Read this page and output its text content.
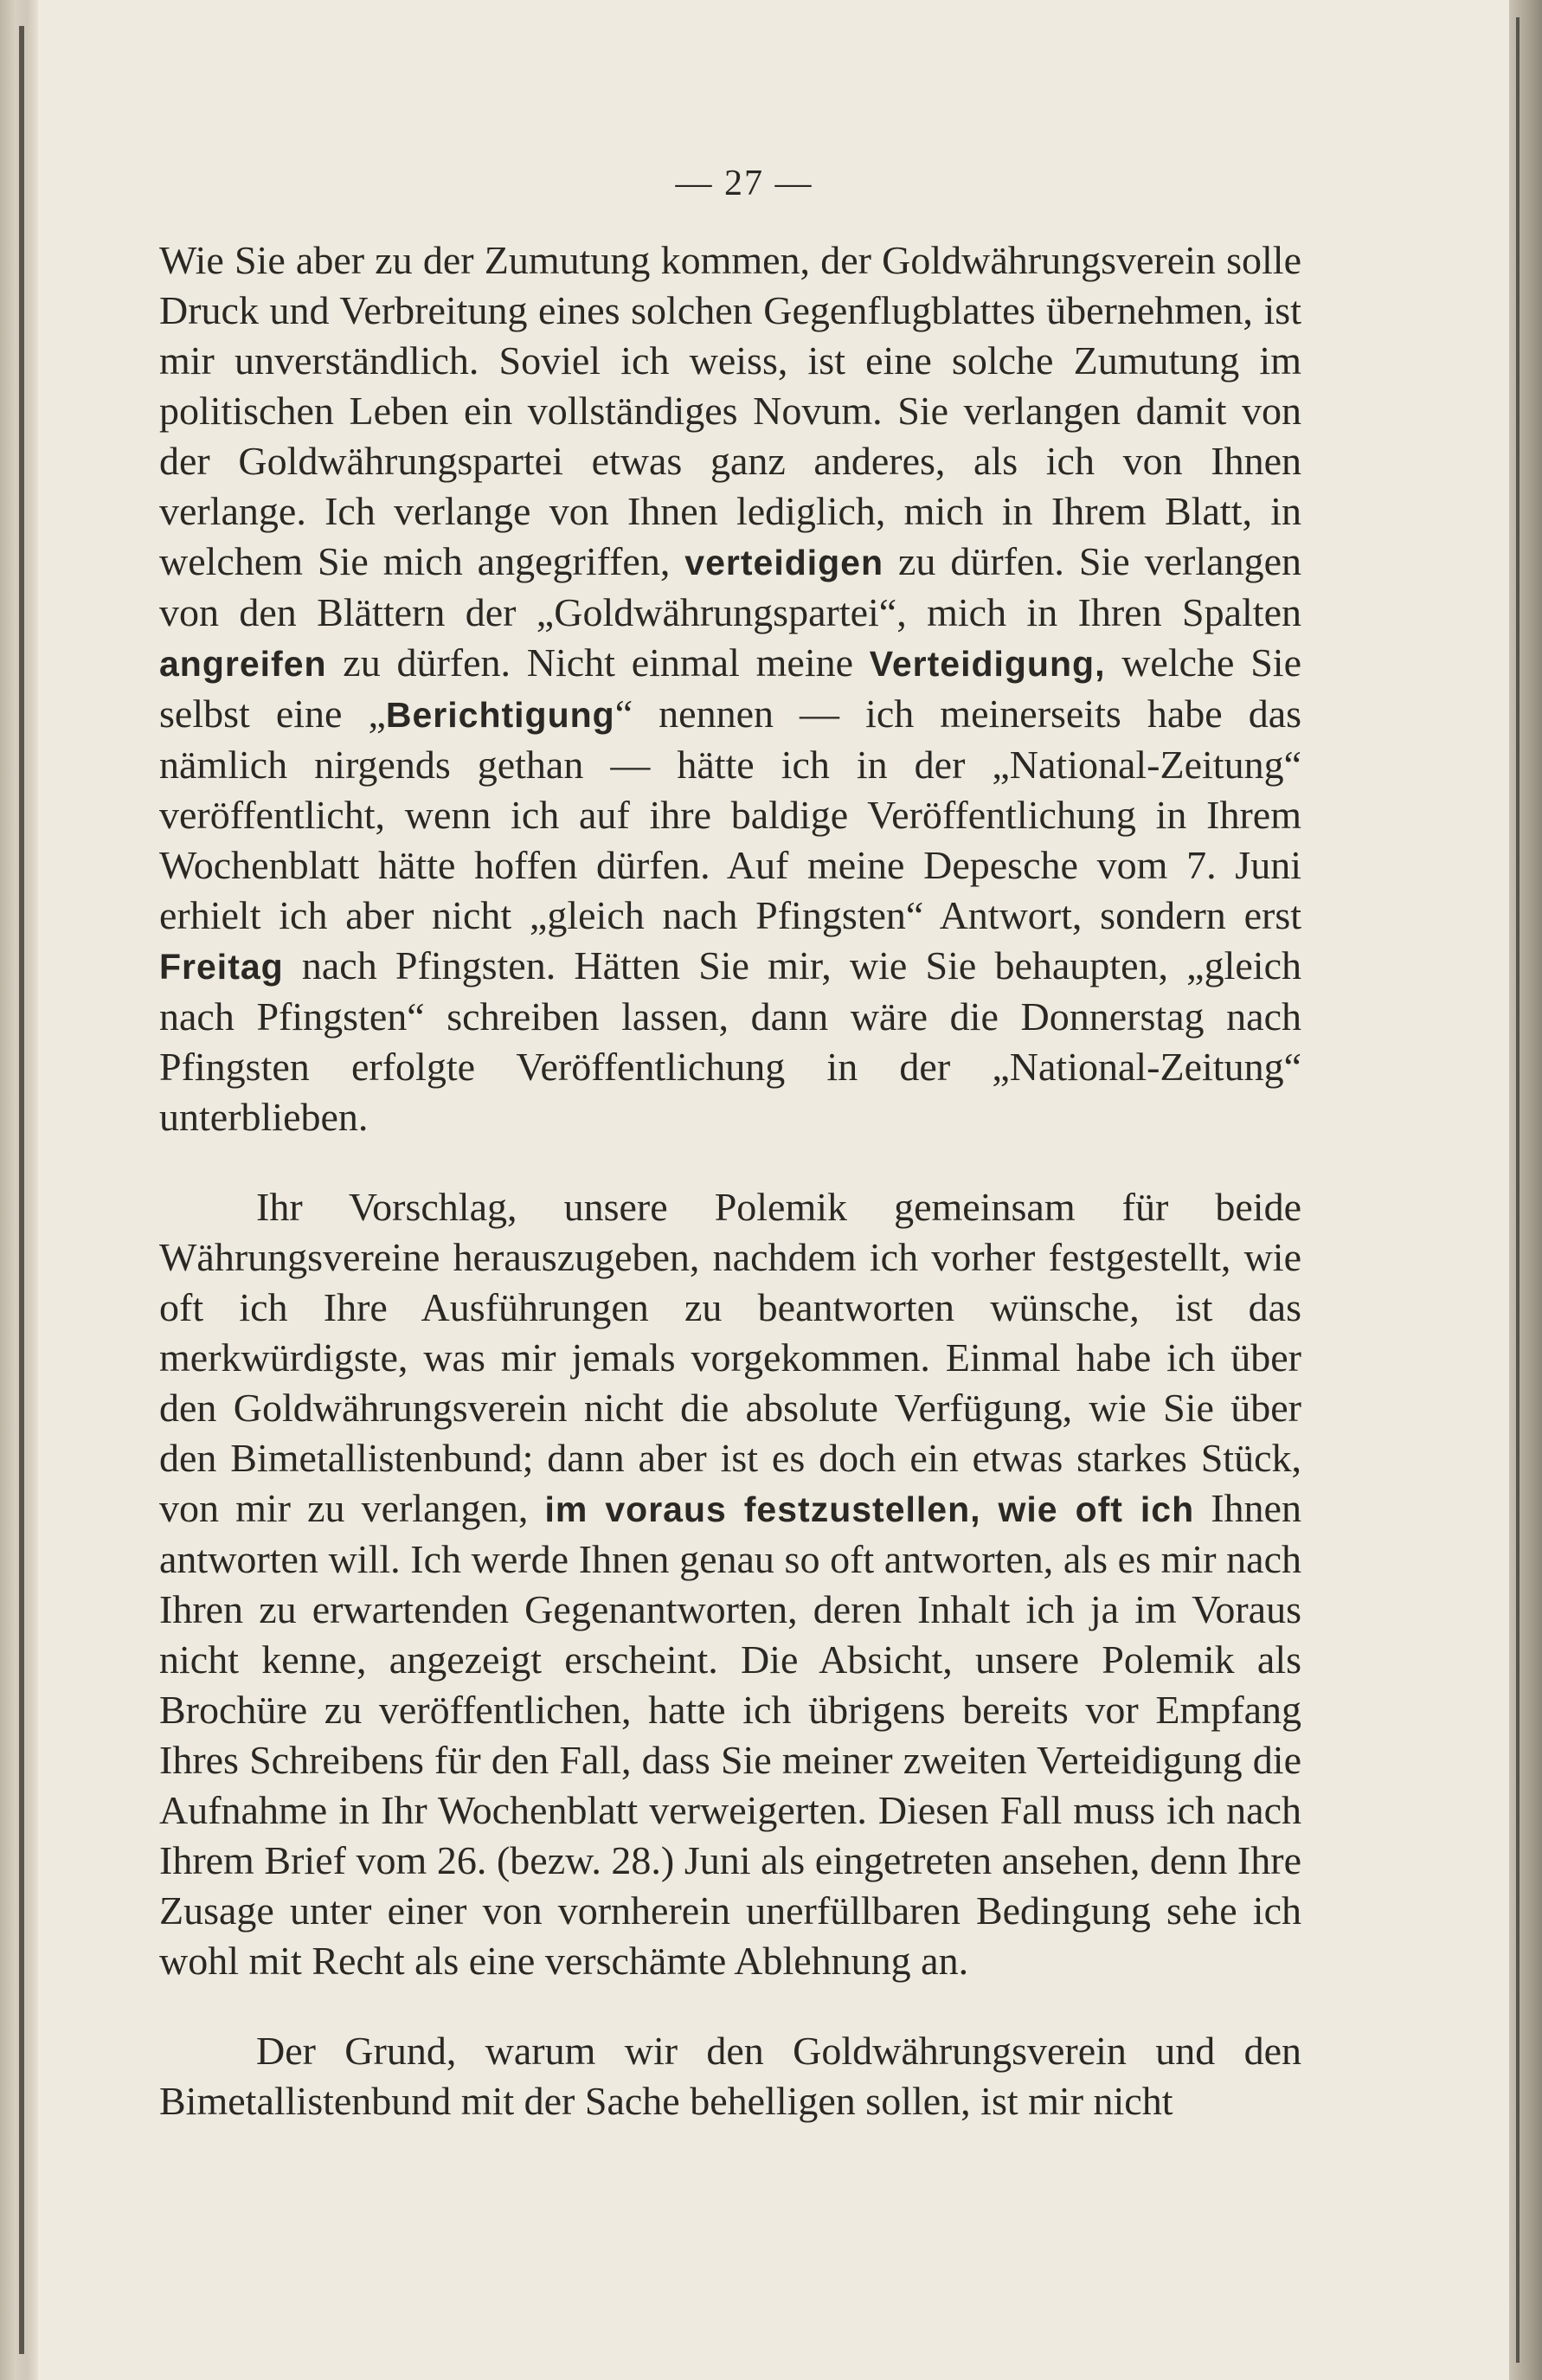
— 27 —

Wie Sie aber zu der Zumutung kommen, der Goldwährungsverein solle Druck und Verbreitung eines solchen Gegenflugblattes übernehmen, ist mir unverständlich. Soviel ich weiss, ist eine solche Zumutung im politischen Leben ein vollständiges Novum. Sie verlangen damit von der Goldwährungspartei etwas ganz anderes, als ich von Ihnen verlange. Ich verlange von Ihnen lediglich, mich in Ihrem Blatt, in welchem Sie mich angegriffen, verteidigen zu dürfen. Sie verlangen von den Blättern der „Goldwährungspartei“, mich in Ihren Spalten angreifen zu dürfen. Nicht einmal meine Verteidigung, welche Sie selbst eine „Berichtigung“ nennen — ich meinerseits habe das nämlich nirgends gethan — hätte ich in der „National-Zeitung“ veröffentlicht, wenn ich auf ihre baldige Veröffentlichung in Ihrem Wochenblatt hätte hoffen dürfen. Auf meine Depesche vom 7. Juni erhielt ich aber nicht „gleich nach Pfingsten“ Antwort, sondern erst Freitag nach Pfingsten. Hätten Sie mir, wie Sie behaupten, „gleich nach Pfingsten“ schreiben lassen, dann wäre die Donnerstag nach Pfingsten erfolgte Veröffentlichung in der „National-Zeitung“ unterblieben.

Ihr Vorschlag, unsere Polemik gemeinsam für beide Währungsvereine herauszugeben, nachdem ich vorher festgestellt, wie oft ich Ihre Ausführungen zu beantworten wünsche, ist das merkwürdigste, was mir jemals vorgekommen. Einmal habe ich über den Goldwährungsverein nicht die absolute Verfügung, wie Sie über den Bimetallistenbund; dann aber ist es doch ein etwas starkes Stück, von mir zu verlangen, im voraus festzustellen, wie oft ich Ihnen antworten will. Ich werde Ihnen genau so oft antworten, als es mir nach Ihren zu erwartenden Gegenantworten, deren Inhalt ich ja im Voraus nicht kenne, angezeigt erscheint. Die Absicht, unsere Polemik als Brochüre zu veröffentlichen, hatte ich übrigens bereits vor Empfang Ihres Schreibens für den Fall, dass Sie meiner zweiten Verteidigung die Aufnahme in Ihr Wochenblatt verweigerten. Diesen Fall muss ich nach Ihrem Brief vom 26. (bezw. 28.) Juni als eingetreten ansehen, denn Ihre Zusage unter einer von vornherein unerfüllbaren Bedingung sehe ich wohl mit Recht als eine verschämte Ablehnung an.

Der Grund, warum wir den Goldwährungsverein und den Bimetallistenbund mit der Sache behelligen sollen, ist mir nicht
